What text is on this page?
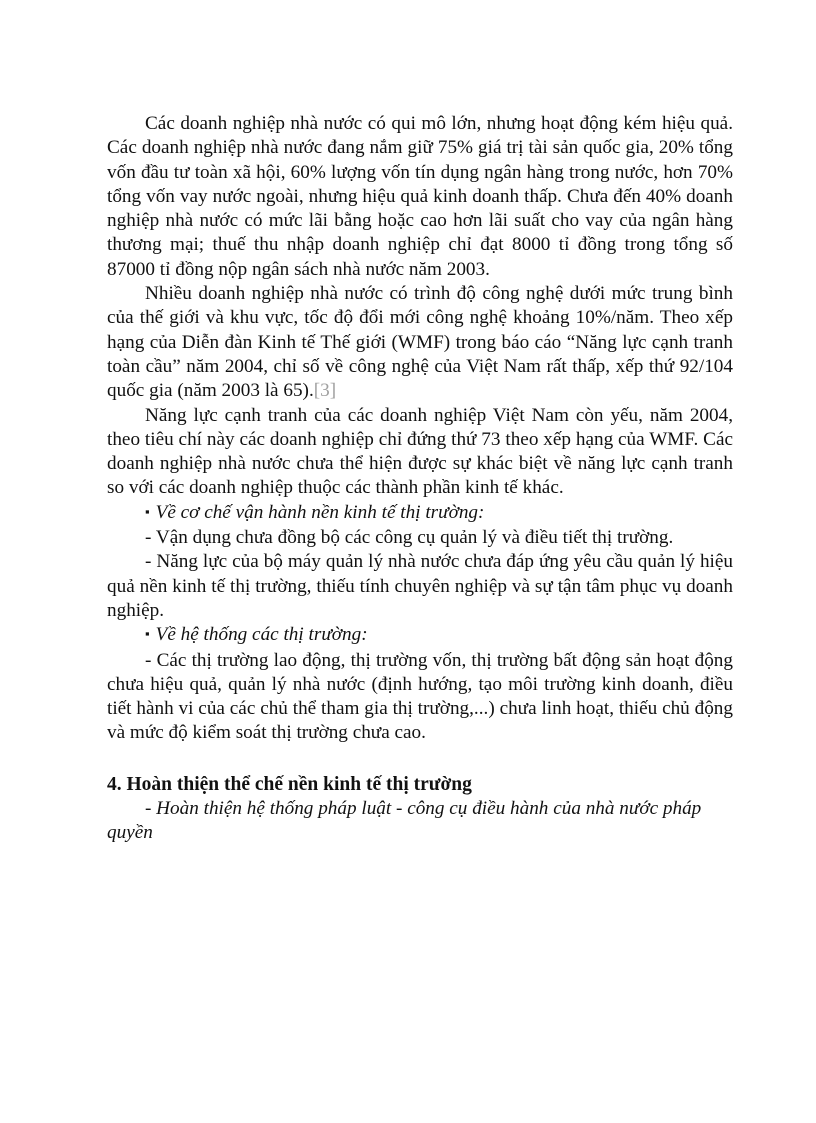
Các doanh nghiệp nhà nước có qui mô lớn, nhưng hoạt động kém hiệu quả. Các doanh nghiệp nhà nước đang nắm giữ 75% giá trị tài sản quốc gia, 20% tổng vốn đầu tư toàn xã hội, 60% lượng vốn tín dụng ngân hàng trong nước, hơn 70% tổng vốn vay nước ngoài, nhưng hiệu quả kinh doanh thấp. Chưa đến 40% doanh nghiệp nhà nước có mức lãi bằng hoặc cao hơn lãi suất cho vay của ngân hàng thương mại; thuế thu nhập doanh nghiệp chỉ đạt 8000 tỉ đồng trong tổng số 87000 tỉ đồng nộp ngân sách nhà nước năm 2003.

Nhiều doanh nghiệp nhà nước có trình độ công nghệ dưới mức trung bình của thế giới và khu vực, tốc độ đổi mới công nghệ khoảng 10%/năm. Theo xếp hạng của Diễn đàn Kinh tế Thế giới (WMF) trong báo cáo “Năng lực cạnh tranh toàn cầu” năm 2004, chỉ số về công nghệ của Việt Nam rất thấp, xếp thứ 92/104 quốc gia (năm 2003 là 65).[3]

Năng lực cạnh tranh của các doanh nghiệp Việt Nam còn yếu, năm 2004, theo tiêu chí này các doanh nghiệp chỉ đứng thứ 73 theo xếp hạng của WMF. Các doanh nghiệp nhà nước chưa thể hiện được sự khác biệt về năng lực cạnh tranh so với các doanh nghiệp thuộc các thành phần kinh tế khác.

▪ Về cơ chế vận hành nền kinh tế thị trường:

- Vận dụng chưa đồng bộ các công cụ quản lý và điều tiết thị trường.

- Năng lực của bộ máy quản lý nhà nước chưa đáp ứng yêu cầu quản lý hiệu quả nền kinh tế thị trường, thiếu tính chuyên nghiệp và sự tận tâm phục vụ doanh nghiệp.

▪ Về hệ thống các thị trường:

- Các thị trường lao động, thị trường vốn, thị trường bất động sản hoạt động chưa hiệu quả, quản lý nhà nước (định hướng, tạo môi trường kinh doanh, điều tiết hành vi của các chủ thể tham gia thị trường,...) chưa linh hoạt, thiếu chủ động và mức độ kiểm soát thị trường chưa cao.

4. Hoàn thiện thể chế nền kinh tế thị trường

- Hoàn thiện hệ thống pháp luật - công cụ điều hành của nhà nước pháp quyền
